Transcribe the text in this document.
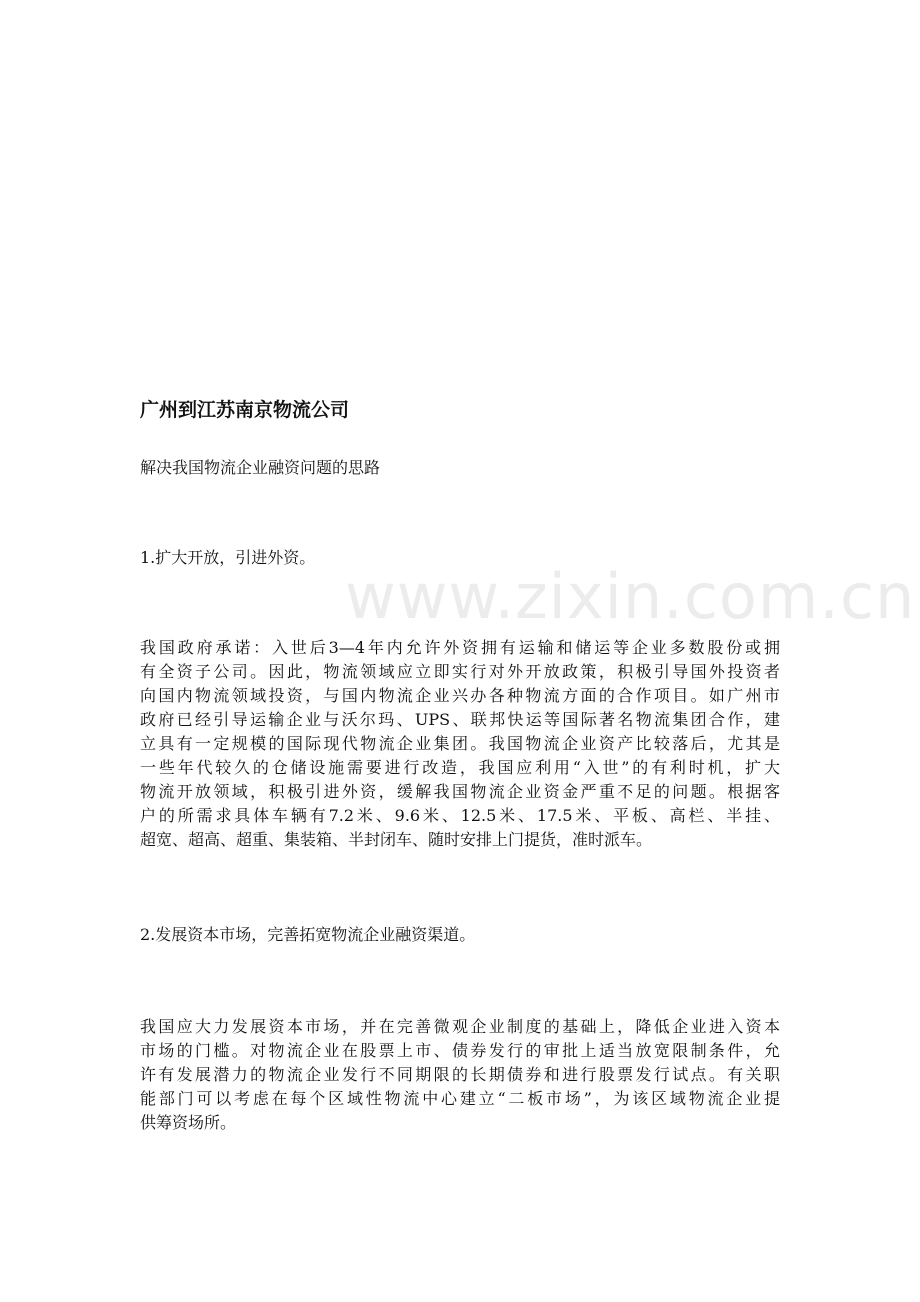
www.zixin.com.cn
广州到江苏南京物流公司

解决我国物流企业融资问题的思路

1.扩大开放，引进外资。

我国政府承诺：入世后3—4年内允许外资拥有运输和储运等企业多数股份或拥
有全资子公司。因此，物流领域应立即实行对外开放政策，积极引导国外投资者
向国内物流领域投资，与国内物流企业兴办各种物流方面的合作项目。如广州市
政府已经引导运输企业与沃尔玛、UPS、联邦快运等国际著名物流集团合作，建
立具有一定规模的国际现代物流企业集团。我国物流企业资产比较落后，尤其是
一些年代较久的仓储设施需要进行改造，我国应利用“入世”的有利时机，扩大
物流开放领域，积极引进外资，缓解我国物流企业资金严重不足的问题。根据客
户的所需求具体车辆有7.2米、9.6米、12.5米、17.5米、平板、高栏、半挂、
超宽、超高、超重、集装箱、半封闭车、随时安排上门提货，准时派车。

2.发展资本市场，完善拓宽物流企业融资渠道。

我国应大力发展资本市场，并在完善微观企业制度的基础上，降低企业进入资本
市场的门槛。对物流企业在股票上市、债券发行的审批上适当放宽限制条件，允
许有发展潜力的物流企业发行不同期限的长期债券和进行股票发行试点。有关职
能部门可以考虑在每个区域性物流中心建立“二板市场”，为该区域物流企业提
供筹资场所。
